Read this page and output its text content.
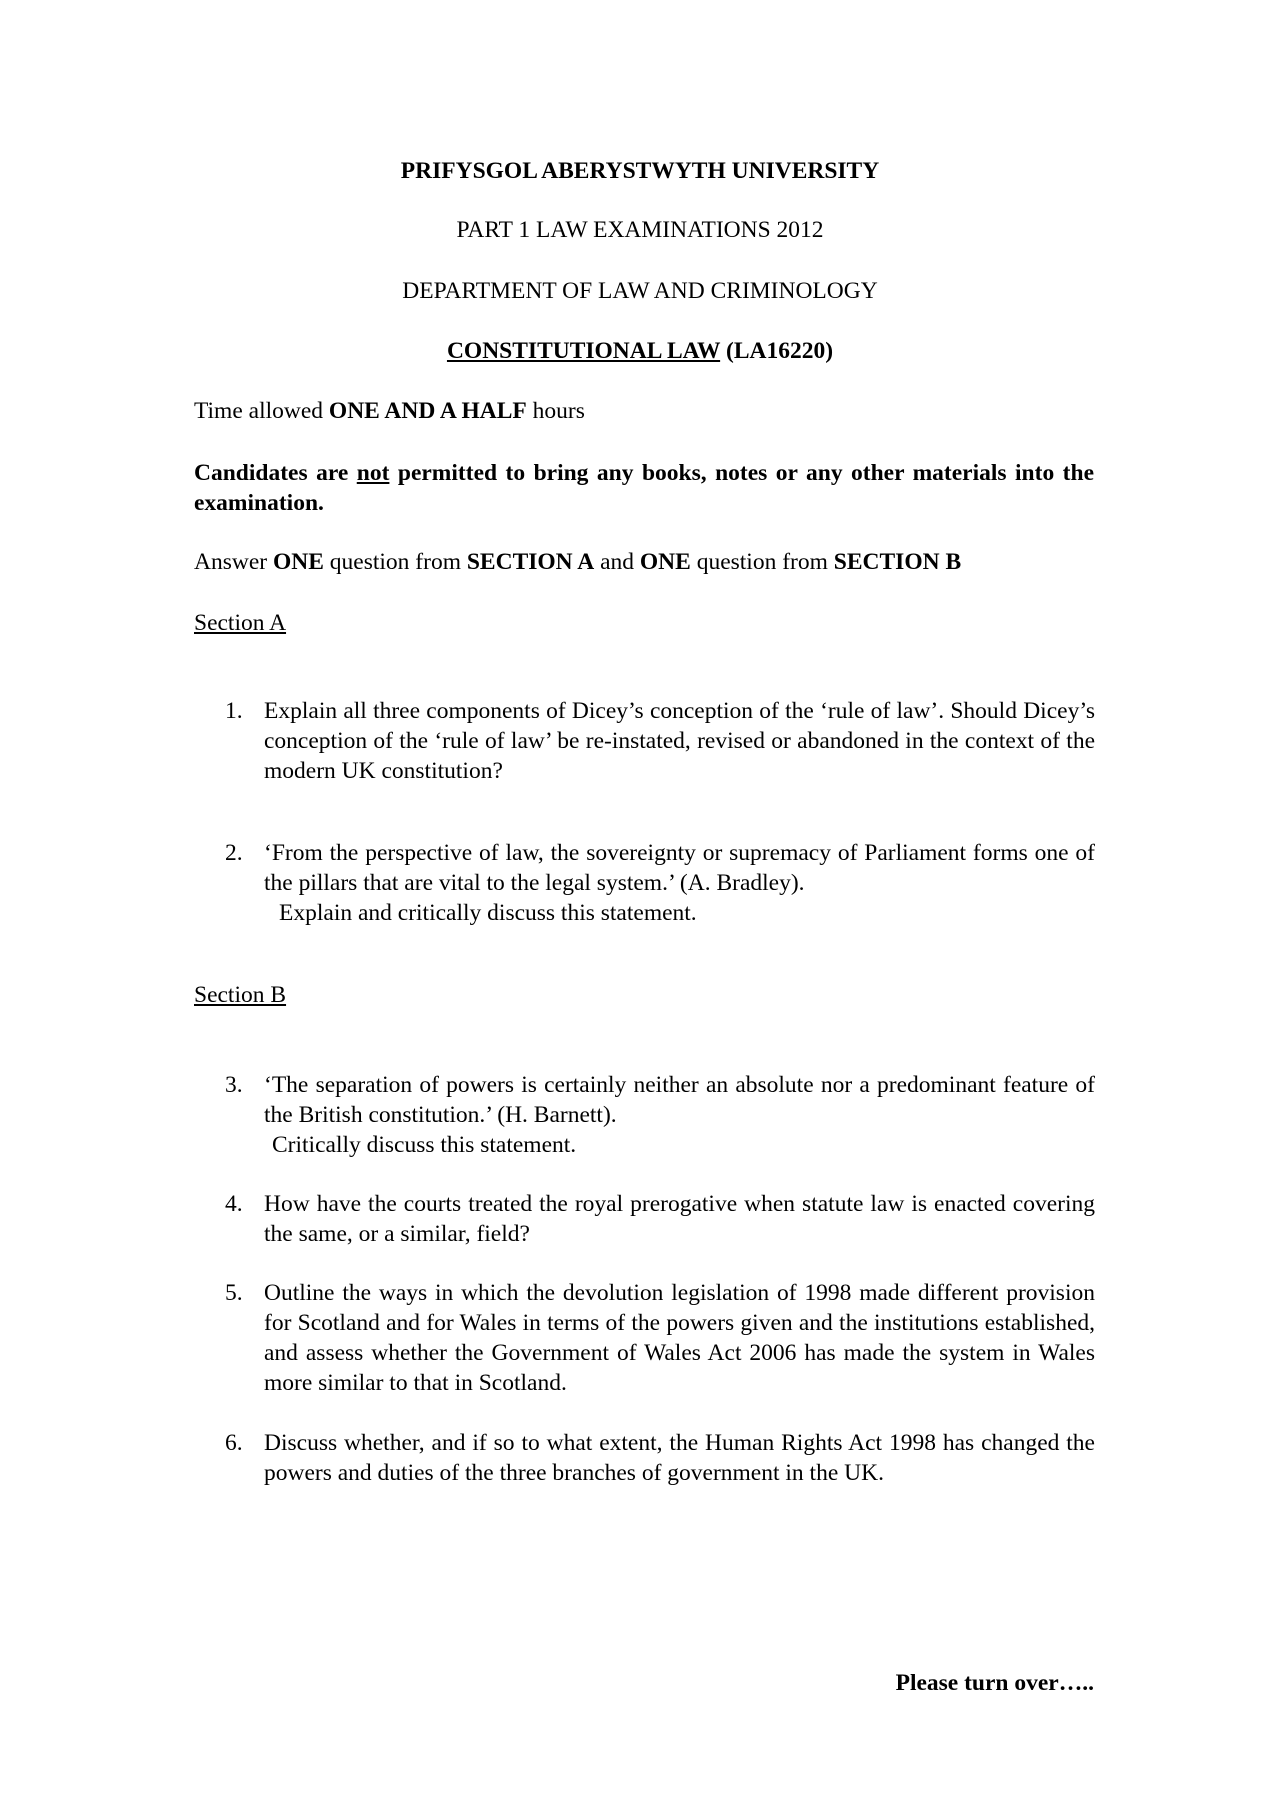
PRIFYSGOL ABERYSTWYTH UNIVERSITY
PART 1 LAW EXAMINATIONS 2012
DEPARTMENT OF LAW AND CRIMINOLOGY
CONSTITUTIONAL LAW (LA16220)
Time allowed ONE AND A HALF hours
Candidates are not permitted to bring any books, notes or any other materials into the examination.
Answer ONE question from SECTION A and ONE question from SECTION B
Section A
1. Explain all three components of Dicey’s conception of the ‘rule of law’. Should Dicey’s conception of the ‘rule of law’ be re-instated, revised or abandoned in the context of the modern UK constitution?
2. ‘From the perspective of law, the sovereignty or supremacy of Parliament forms one of the pillars that are vital to the legal system.’ (A. Bradley).
Explain and critically discuss this statement.
Section B
3. ‘The separation of powers is certainly neither an absolute nor a predominant feature of the British constitution.’ (H. Barnett).
Critically discuss this statement.
4. How have the courts treated the royal prerogative when statute law is enacted covering the same, or a similar, field?
5. Outline the ways in which the devolution legislation of 1998 made different provision for Scotland and for Wales in terms of the powers given and the institutions established, and assess whether the Government of Wales Act 2006 has made the system in Wales more similar to that in Scotland.
6. Discuss whether, and if so to what extent, the Human Rights Act 1998 has changed the powers and duties of the three branches of government in the UK.
Please turn over…..
